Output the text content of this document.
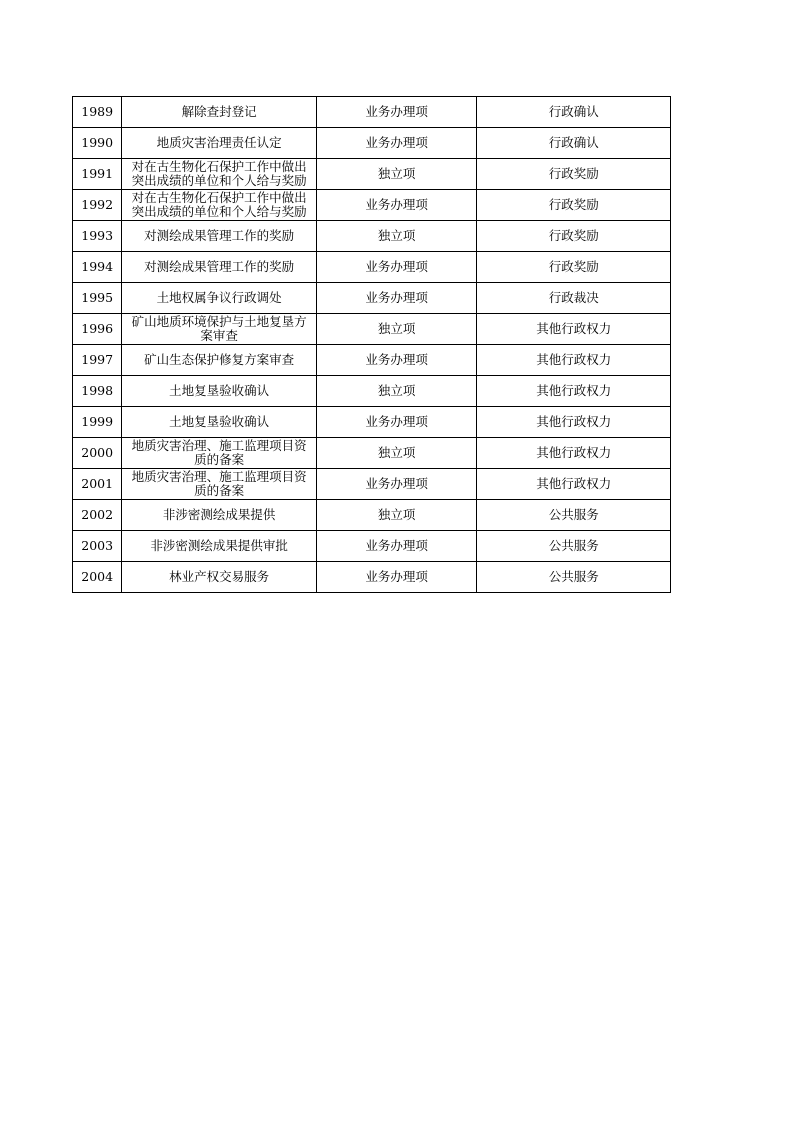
1989	解除查封登记	业务办理项	行政确认
1990	地质灾害治理责任认定	业务办理项	行政确认
1991	对在古生物化石保护工作中做出突出成绩的单位和个人给与奖励	独立项	行政奖励
1992	对在古生物化石保护工作中做出突出成绩的单位和个人给与奖励	业务办理项	行政奖励
1993	对测绘成果管理工作的奖励	独立项	行政奖励
1994	对测绘成果管理工作的奖励	业务办理项	行政奖励
1995	土地权属争议行政调处	业务办理项	行政裁决
1996	矿山地质环境保护与土地复垦方案审查	独立项	其他行政权力
1997	矿山生态保护修复方案审查	业务办理项	其他行政权力
1998	土地复垦验收确认	独立项	其他行政权力
1999	土地复垦验收确认	业务办理项	其他行政权力
2000	地质灾害治理、施工监理项目资质的备案	独立项	其他行政权力
2001	地质灾害治理、施工监理项目资质的备案	业务办理项	其他行政权力
2002	非涉密测绘成果提供	独立项	公共服务
2003	非涉密测绘成果提供审批	业务办理项	公共服务
2004	林业产权交易服务	业务办理项	公共服务
